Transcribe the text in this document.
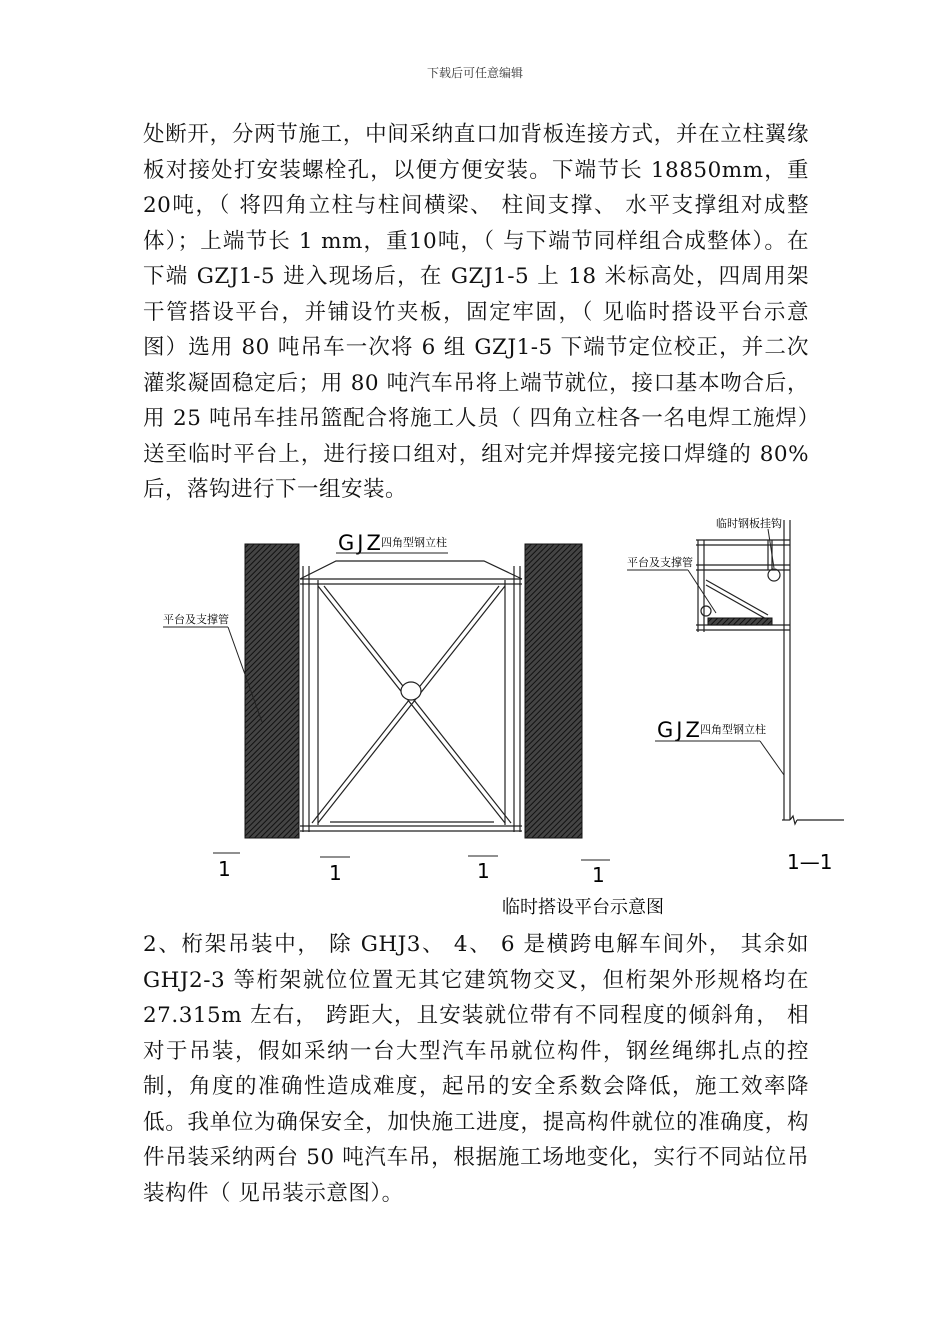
下载后可任意编辑

处断开，分两节施工，中间采纳直口加背板连接方式，并在立柱翼缘板对接处打安装螺栓孔，以便方便安装。下端节长 18850mm，重 20吨，（ 将四角立柱与柱间横梁、 柱间支撑、 水平支撑组对成整体）；上端节长 1 mm，重10吨，（ 与下端节同样组合成整体）。在下端 GZJ1-5 进入现场后，在 GZJ1-5 上 18 米标高处，四周用架干管搭设平台，并铺设竹夹板，固定牢固，（ 见临时搭设平台示意图）选用 80 吨吊车一次将 6 组 GZJ1-5 下端节定位校正，并二次灌浆凝固稳定后；用 80 吨汽车吊将上端节就位，接口基本吻合后，用 25 吨吊车挂吊篮配合将施工人员（ 四角立柱各一名电焊工施焊）送至临时平台上，进行接口组对，组对完并焊接完接口焊缝的 80%后，落钩进行下一组安装。

GJZ
四角型钢立柱
平台及支撑管
1	1	1	1
临时钢板挂钩
平台及支撑管
GJZ
四角型钢立柱
1—1
临时搭设平台示意图

2、桁架吊装中， 除 GHJ3、 4、 6 是横跨电解车间外， 其余如 GHJ2-3 等桁架就位位置无其它建筑物交叉，但桁架外形规格均在 27.315m 左右， 跨距大，且安装就位带有不同程度的倾斜角， 相对于吊装，假如采纳一台大型汽车吊就位构件，钢丝绳绑扎点的控制，角度的准确性造成难度，起吊的安全系数会降低，施工效率降低。我单位为确保安全，加快施工进度，提高构件就位的准确度，构件吊装采纳两台 50 吨汽车吊，根据施工场地变化，实行不同站位吊装构件（ 见吊装示意图）。
